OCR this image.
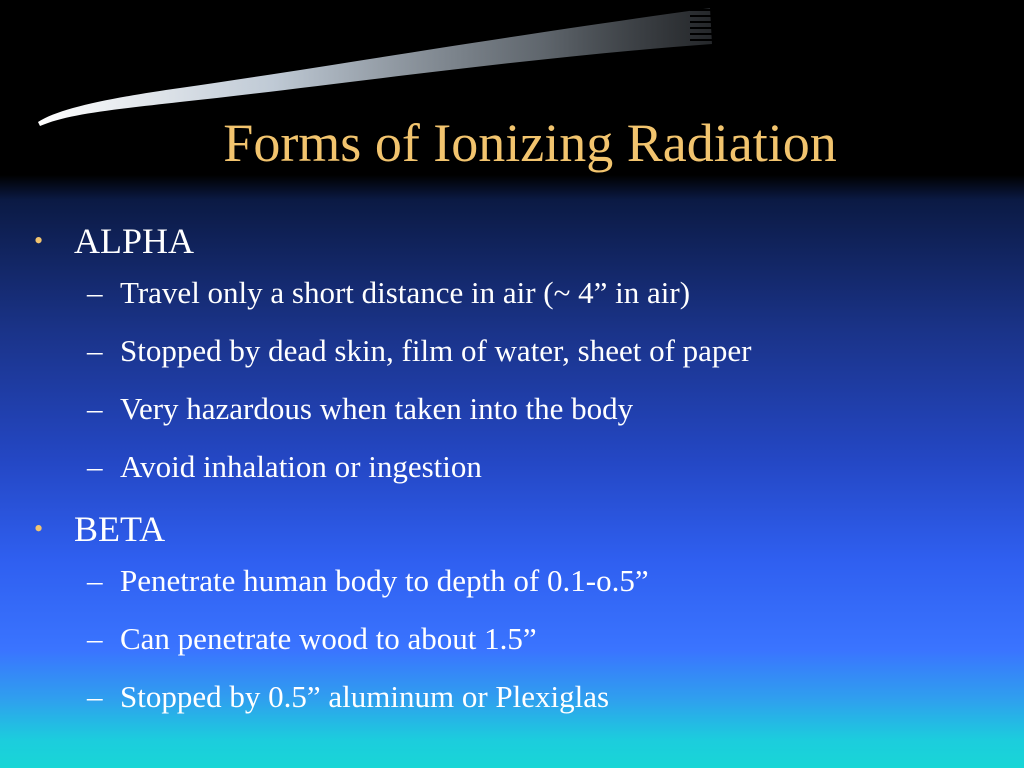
Forms of Ionizing Radiation
• ALPHA
– Travel only a short distance in air (~ 4” in air)
– Stopped by dead skin, film of water, sheet of paper
– Very hazardous when taken into the body
– Avoid inhalation or ingestion
• BETA
– Penetrate human body to depth of 0.1-o.5”
– Can penetrate wood to about 1.5”
– Stopped by 0.5” aluminum or Plexiglas
